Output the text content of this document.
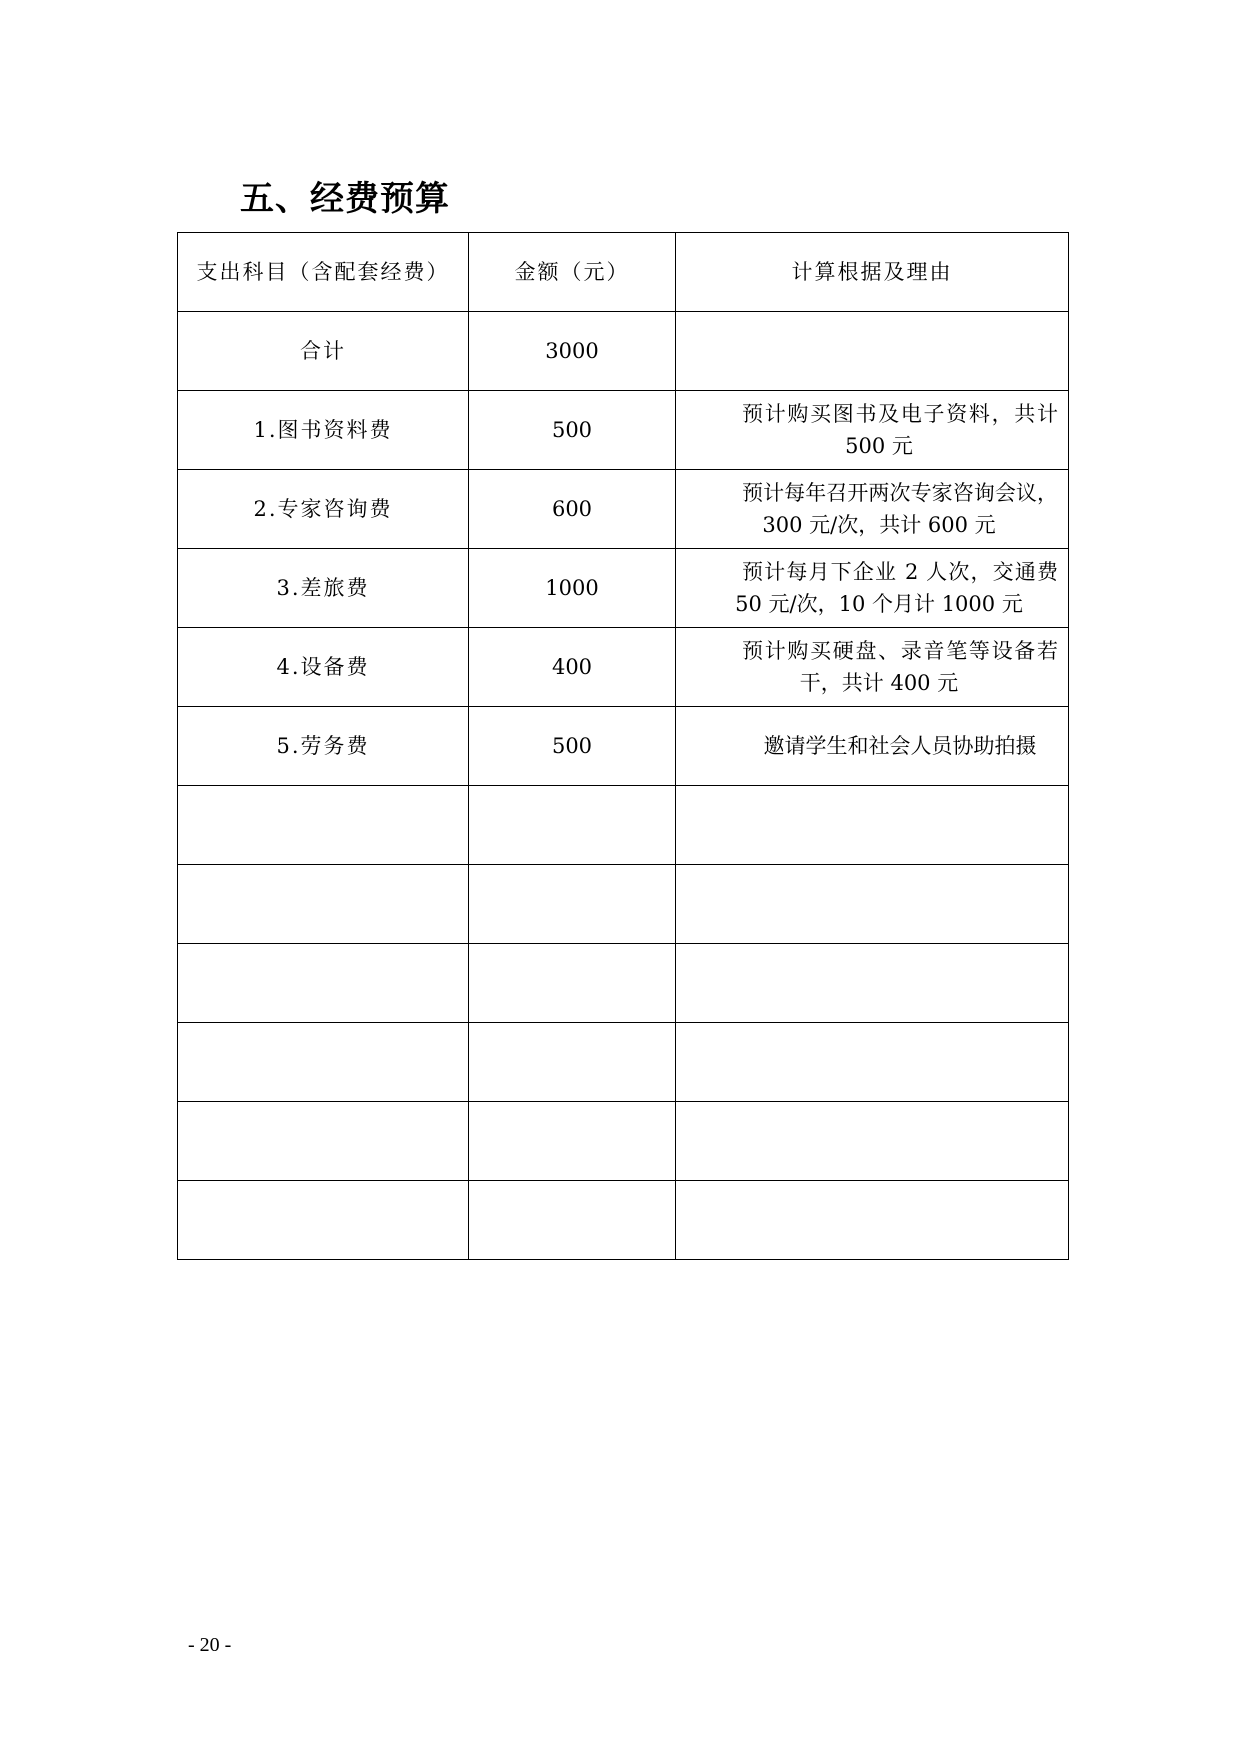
五、经费预算
支出科目（含配套经费）	金额（元）	计算根据及理由
合计	3000	
1.图书资料费	500	预计购买图书及电子资料，共计 500 元

2.专家咨询费	600	预计每年召开两次专家咨询会议，300 元/次，共计 600 元

3.差旅费	1000	预计每月下企业 2 人次，交通费 50 元/次，10 个月计 1000 元

4.设备费	400	预计购买硬盘、录音笔等设备若干，共计 400 元

5.劳务费	500	邀请学生和社会人员协助拍摄

- 20 -
